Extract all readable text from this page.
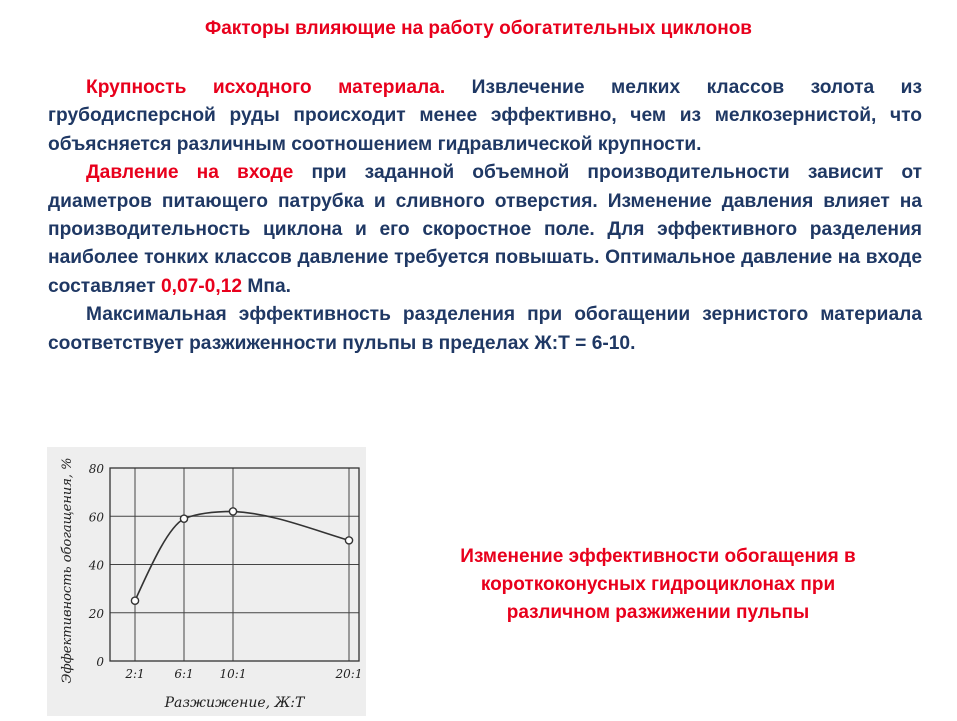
Факторы влияющие на работу обогатительных циклонов

Крупность исходного материала. Извлечение мелких классов золота из грубодисперсной руды происходит менее эффективно, чем из мелкозернистой, что объясняется различным соотношением гидравлической крупности.

Давление на входе при заданной объемной производительности зависит от диаметров питающего патрубка и сливного отверстия. Изменение давления влияет на производительность циклона и его скоростное поле. Для эффективного разделения наиболее тонких классов давление требуется повышать. Оптимальное давление на входе составляет 0,07-0,12 Мпа.

Максимальная эффективность разделения при обогащении зернистого материала соответствует разжиженности пульпы в пределах Ж:Т = 6-10.

0
20
40
60
80
2:1 6:1 10:1	20:1
Разжижение, Ж:Т
Эффективность обогащения, %	Изменение эффективности обогащения в
короткоконусных гидроциклонах при
различном разжижении пульпы
